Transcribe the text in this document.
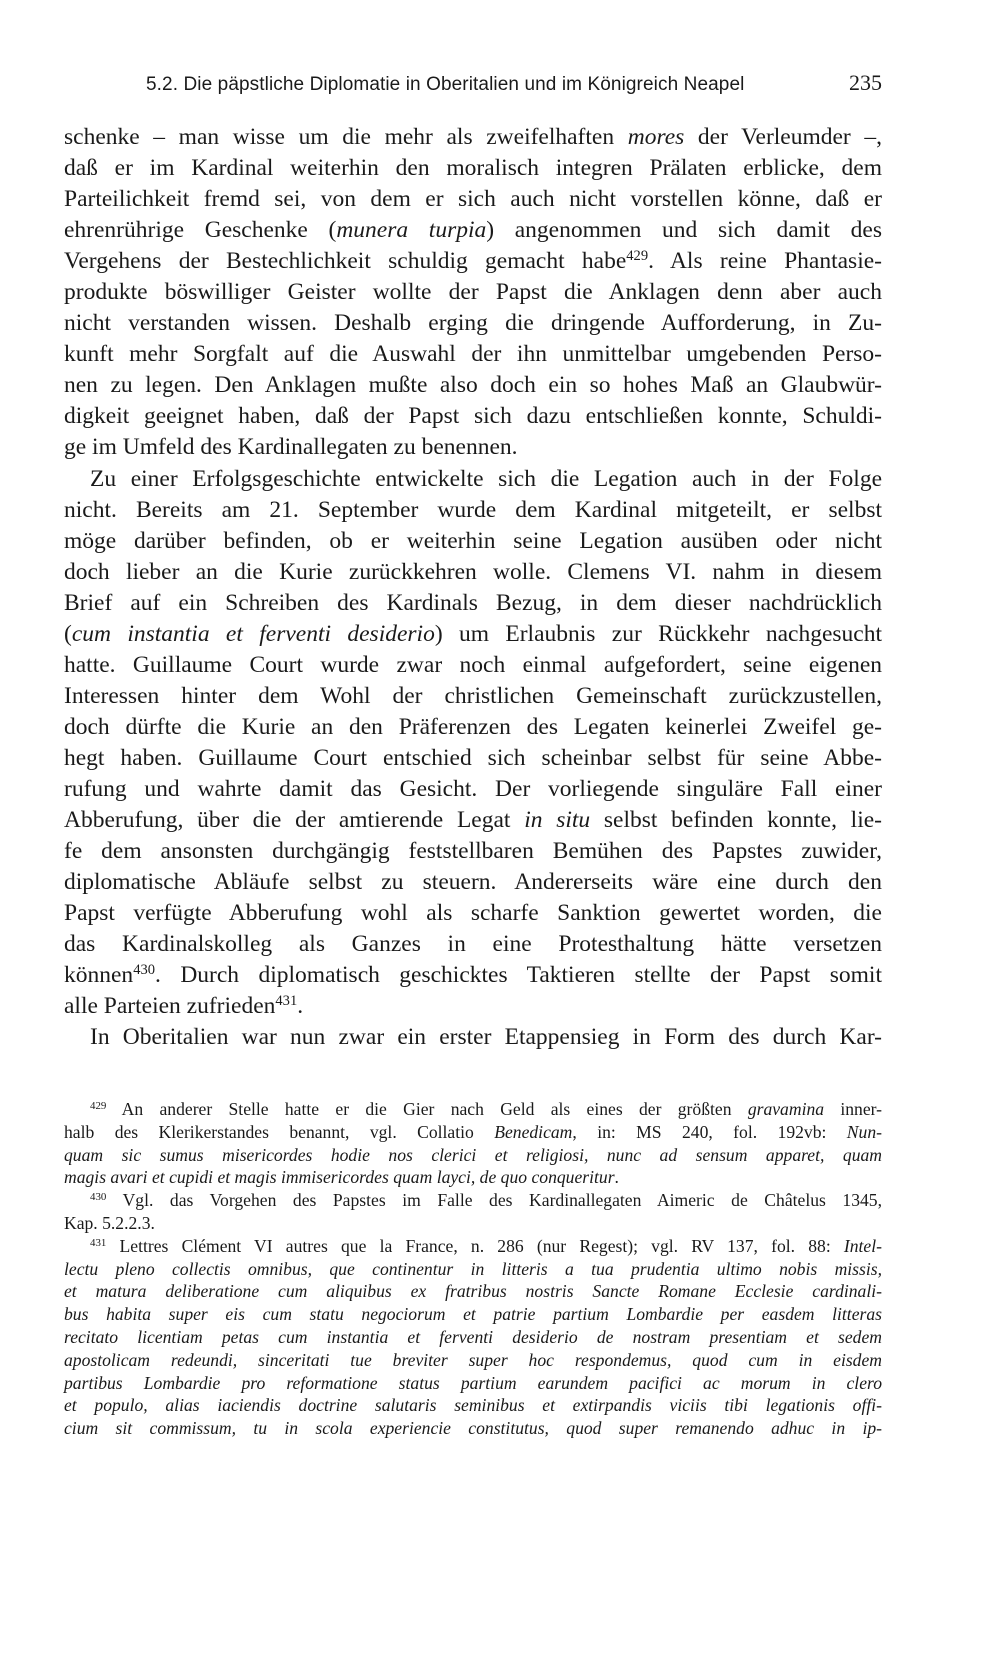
5.2. Die päpstliche Diplomatie in Oberitalien und im Königreich Neapel	235
schenke – man wisse um die mehr als zweifelhaften mores der Verleumder –,
daß er im Kardinal weiterhin den moralisch integren Prälaten erblicke, dem
Parteilichkeit fremd sei, von dem er sich auch nicht vorstellen könne, daß er
ehrenrührige Geschenke (munera turpia) angenommen und sich damit des
Vergehens der Bestechlichkeit schuldig gemacht habe$^{429}$. Als reine Phantasie-
produkte böswilliger Geister wollte der Papst die Anklagen denn aber auch
nicht verstanden wissen. Deshalb erging die dringende Aufforderung, in Zu-
kunft mehr Sorgfalt auf die Auswahl der ihn unmittelbar umgebenden Perso-
nen zu legen. Den Anklagen mußte also doch ein so hohes Maß an Glaubwür-
digkeit geeignet haben, daß der Papst sich dazu entschließen konnte, Schuldi-
ge im Umfeld des Kardinallegaten zu benennen.
Zu einer Erfolgsgeschichte entwickelte sich die Legation auch in der Folge
nicht. Bereits am 21. September wurde dem Kardinal mitgeteilt, er selbst
möge darüber befinden, ob er weiterhin seine Legation ausüben oder nicht
doch lieber an die Kurie zurückkehren wolle. Clemens VI. nahm in diesem
Brief auf ein Schreiben des Kardinals Bezug, in dem dieser nachdrücklich
(cum instantia et ferventi desiderio) um Erlaubnis zur Rückkehr nachgesucht
hatte. Guillaume Court wurde zwar noch einmal aufgefordert, seine eigenen
Interessen hinter dem Wohl der christlichen Gemeinschaft zurückzustellen,
doch dürfte die Kurie an den Präferenzen des Legaten keinerlei Zweifel ge-
hegt haben. Guillaume Court entschied sich scheinbar selbst für seine Abbe-
rufung und wahrte damit das Gesicht. Der vorliegende singuläre Fall einer
Abberufung, über die der amtierende Legat in situ selbst befinden konnte, lie-
fe dem ansonsten durchgängig feststellbaren Bemühen des Papstes zuwider,
diplomatische Abläufe selbst zu steuern. Andererseits wäre eine durch den
Papst verfügte Abberufung wohl als scharfe Sanktion gewertet worden, die
das Kardinalskolleg als Ganzes in eine Protesthaltung hätte versetzen
können$^{430}$. Durch diplomatisch geschicktes Taktieren stellte der Papst somit
alle Parteien zufrieden$^{431}$.
In Oberitalien war nun zwar ein erster Etappensieg in Form des durch Kar-
$^{429}$ An anderer Stelle hatte er die Gier nach Geld als eines der größten gravamina inner-
halb des Klerikerstandes benannt, vgl. Collatio Benedicam, in: MS 240, fol. 192vb: Nun-
quam sic sumus misericordes hodie nos clerici et religiosi, nunc ad sensum apparet, quam
magis avari et cupidi et magis immisericordes quam layci, de quo conqueritur.
$^{430}$ Vgl. das Vorgehen des Papstes im Falle des Kardinallegaten Aimeric de Châtelus 1345,
Kap. 5.2.2.3.
$^{431}$ Lettres Clément VI autres que la France, n. 286 (nur Regest); vgl. RV 137, fol. 88: Intel-
lectu pleno collectis omnibus, que continentur in litteris a tua prudentia ultimo nobis missis,
et matura deliberatione cum aliquibus ex fratribus nostris Sancte Romane Ecclesie cardinali-
bus habita super eis cum statu negociorum et patrie partium Lombardie per easdem litteras
recitato licentiam petas cum instantia et ferventi desiderio de nostram presentiam et sedem
apostolicam redeundi, sinceritati tue breviter super hoc respondemus, quod cum in eisdem
partibus Lombardie pro reformatione status partium earundem pacifici ac morum in clero
et populo, alias iaciendis doctrine salutaris seminibus et extirpandis viciis tibi legationis offi-
cium sit commissum, tu in scola experiencie constitutus, quod super remanendo adhuc in ip-
